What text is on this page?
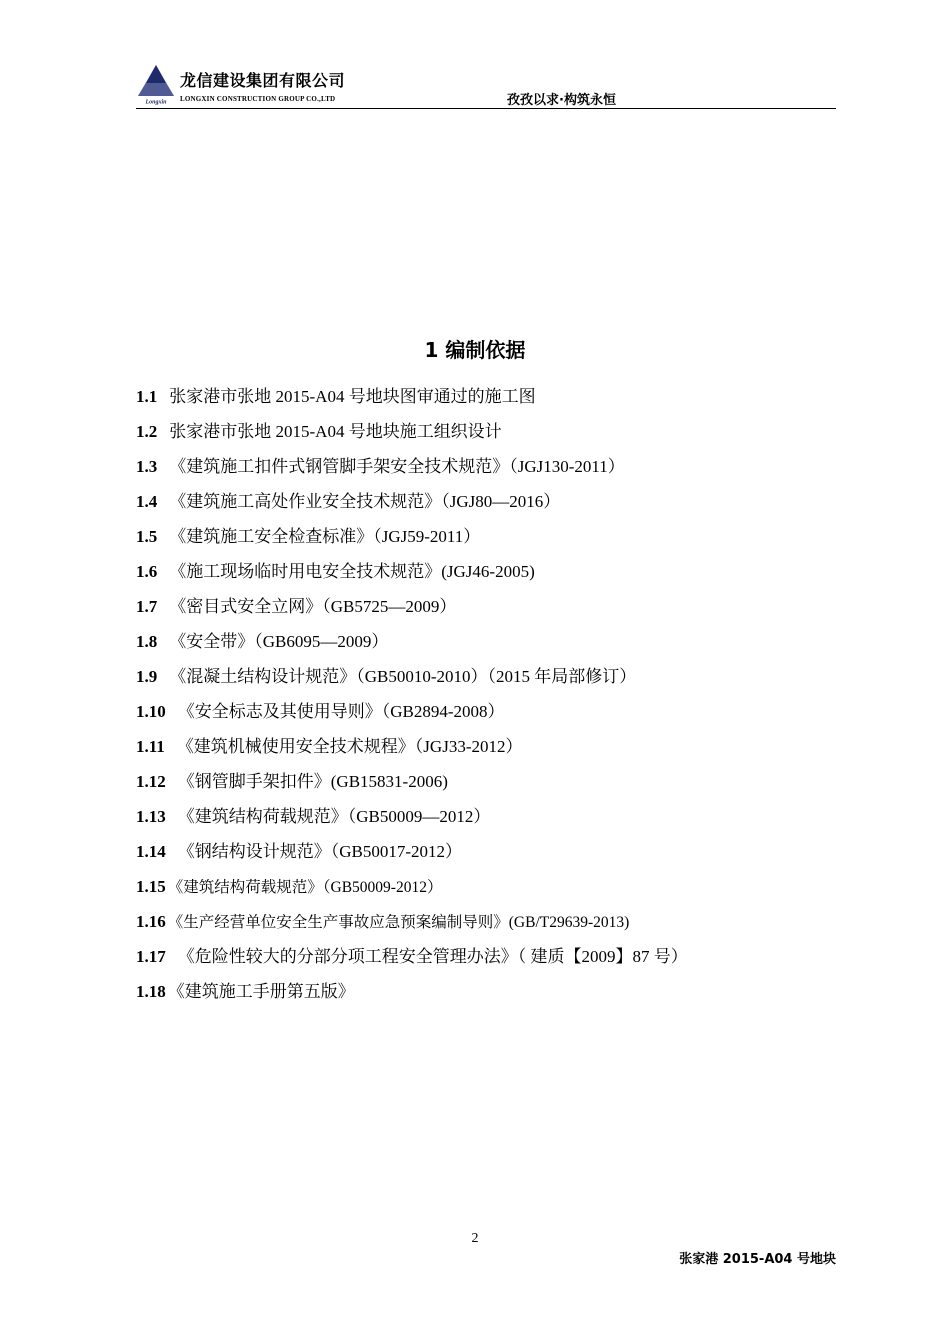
Longxin
龙信建设集团有限公司
LONGXIN CONSTRUCTION GROUP CO.,LTD	孜孜以求·构筑永恒
1 编制依据
1.1 张家港市张地 2015-A04 号地块图审通过的施工图
1.2 张家港市张地 2015-A04 号地块施工组织设计
1.3 《建筑施工扣件式钢管脚手架安全技术规范》（JGJ130-2011）
1.4 《建筑施工高处作业安全技术规范》（JGJ80—2016）
1.5 《建筑施工安全检查标准》（JGJ59-2011）
1.6 《施工现场临时用电安全技术规范》(JGJ46-2005)
1.7 《密目式安全立网》（GB5725—2009）
1.8 《安全带》（GB6095—2009）
1.9 《混凝土结构设计规范》（GB50010-2010）（2015 年局部修订）
1.10 《安全标志及其使用导则》（GB2894-2008）
1.11 《建筑机械使用安全技术规程》（JGJ33-2012）
1.12 《钢管脚手架扣件》(GB15831-2006)
1.13 《建筑结构荷载规范》（GB50009—2012）
1.14 《钢结构设计规范》（GB50017-2012）
1.15 《建筑结构荷载规范》（GB50009-2012）
1.16 《生产经营单位安全生产事故应急预案编制导则》(GB/T29639-2013)
1.17 《危险性较大的分部分项工程安全管理办法》（ 建质【2009】87 号）
1.18 《建筑施工手册第五版》
2
张家港 2015-A04 号地块
